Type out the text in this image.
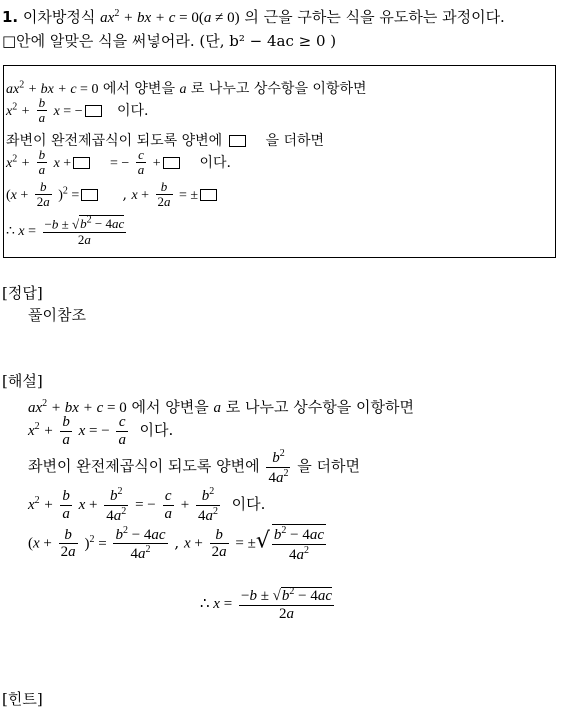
1. 이차방정식 $ax^2$ + bx + c = 0(a ≠ 0) 의 근을 구하는 식을 유도하는 과정이다.
□안에 알맞은 식을 써넣어라. (단, b² − 4ac ≥ 0 )
$ax^2$ + bx + c = 0 에서 양변을 a 로 나누고 상수항을 이항하면
$x^2 + \frac{b}{a}$ x = − 이다.
좌변이 완전제곱식이 되도록 양변에	을 더하면
$x^2 + \frac{b}{a}$ x +	= − $\frac{c}{a}$ +	이다.
$(x + \frac{b}{2a} )^2$ =	, $x + \frac{b}{2a}$ = ±
∴ $x = \frac{-b \pm √b^2 - 4ac}{2a}$
[정답]
풀이참조
[해설]
$ax^2$ + bx + c = 0 에서 양변을 a 로 나누고 상수항을 이항하면
$x^2 + \frac{b}{a}$ x = − $\frac{c}{a}$ 이다.
좌변이 완전제곱식이 되도록 양변에 $\frac{b^2}{4a^2}$ 을 더하면
$x^2 + \frac{b}{a}$ $x + \frac{b^2}{4a^2}$ = − $\frac{c}{a} + \frac{b^2}{4a^2}$ 이다.
$(x + \frac{b}{2a} )^2 = \frac{b^2 - 4ac}{4a^2}$ , $x + \frac{b}{2a}$ = ±√ $\frac{b^2 - 4ac}{4a^2}$
∴ $x = \frac{-b \pm √b^2 - 4ac}{2a}$
[힌트]
